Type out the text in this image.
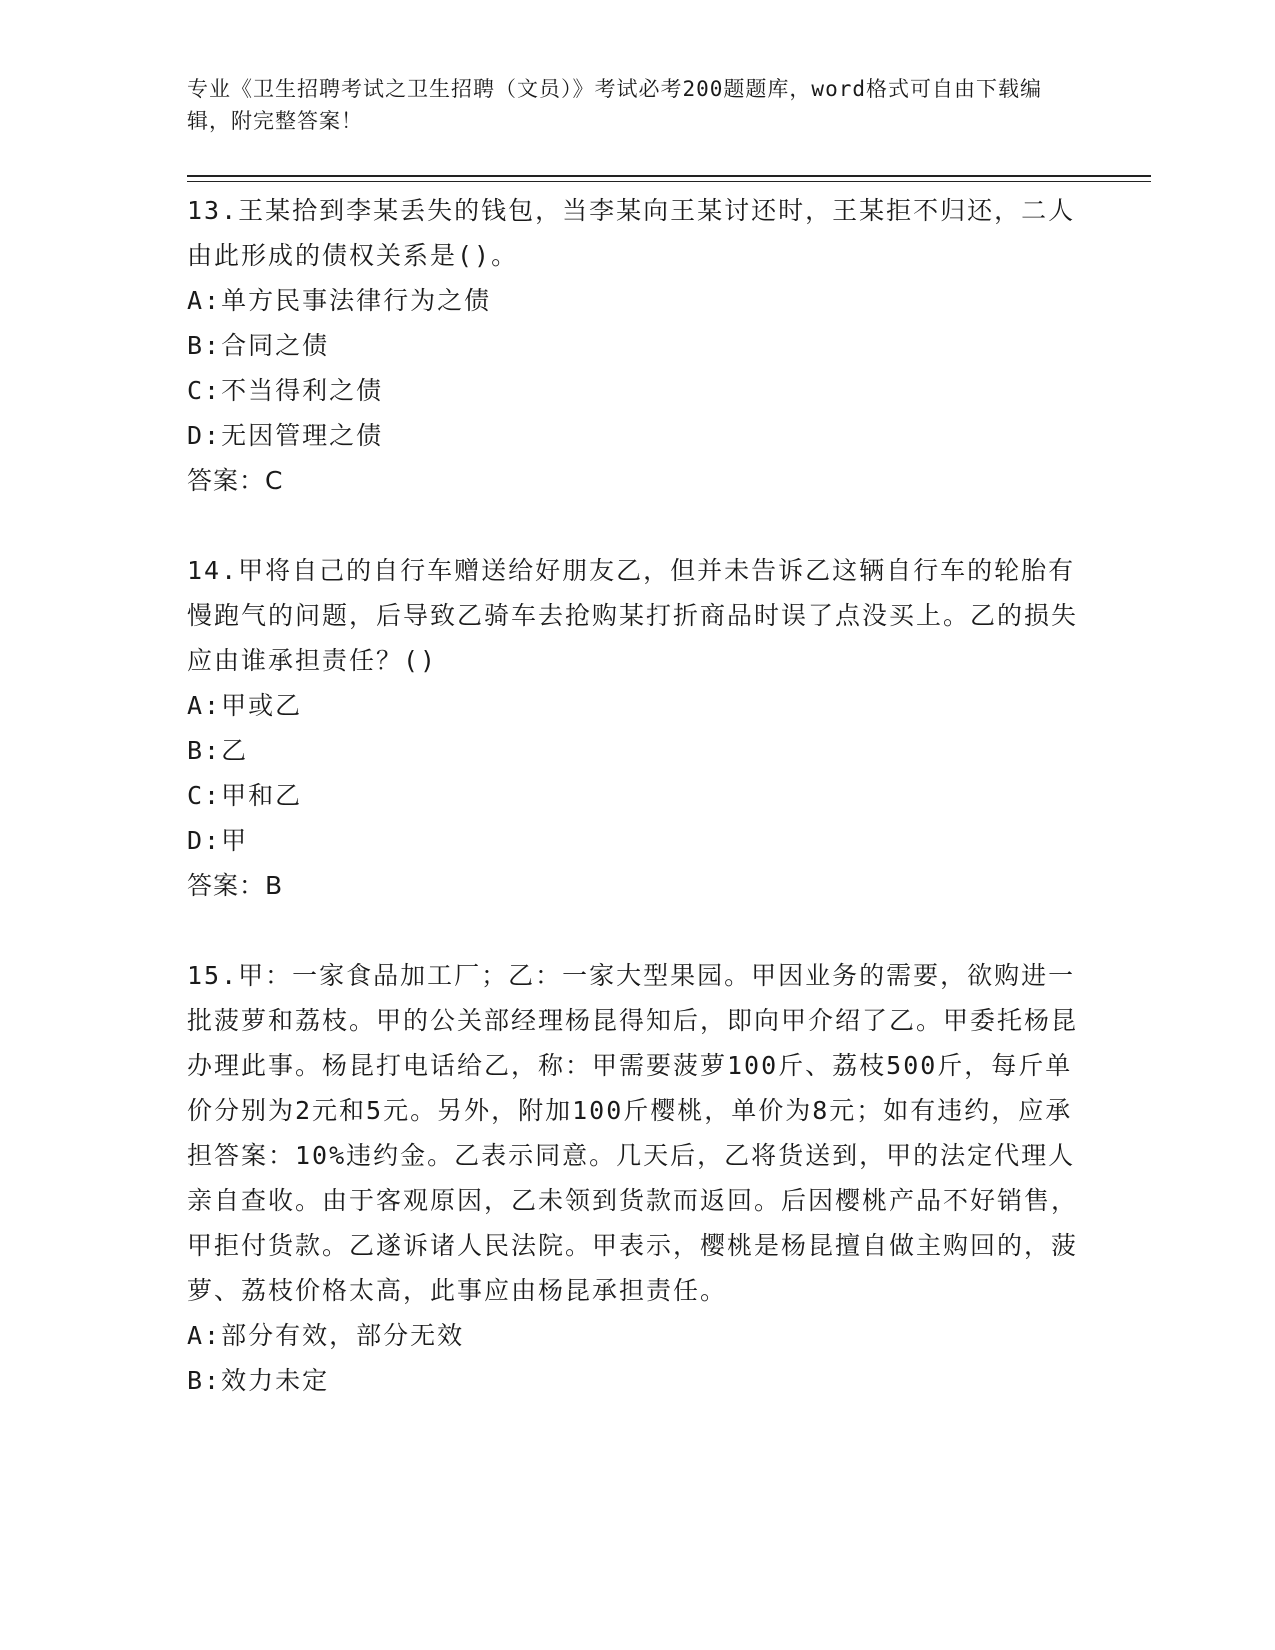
专业《卫生招聘考试之卫生招聘（文员）》考试必考200题题库，word格式可自由下载编辑，附完整答案！

13.王某拾到李某丢失的钱包，当李某向王某讨还时，王某拒不归还，二人由此形成的债权关系是()。

A:单方民事法律行为之债

B:合同之债

C:不当得利之债

D:无因管理之债

答案：C

14.甲将自己的自行车赠送给好朋友乙，但并未告诉乙这辆自行车的轮胎有慢跑气的问题，后导致乙骑车去抢购某打折商品时误了点没买上。乙的损失应由谁承担责任？()

A:甲或乙

B:乙

C:甲和乙

D:甲

答案：B

15.甲：一家食品加工厂；乙：一家大型果园。甲因业务的需要，欲购进一批菠萝和荔枝。甲的公关部经理杨昆得知后，即向甲介绍了乙。甲委托杨昆办理此事。杨昆打电话给乙，称：甲需要菠萝100斤、荔枝500斤，每斤单价分别为2元和5元。另外，附加100斤樱桃，单价为8元；如有违约，应承担答案：10%违约金。乙表示同意。几天后，乙将货送到，甲的法定代理人亲自查收。由于客观原因，乙未领到货款而返回。后因樱桃产品不好销售，甲拒付货款。乙遂诉诸人民法院。甲表示，樱桃是杨昆擅自做主购回的，菠萝、荔枝价格太高，此事应由杨昆承担责任。

A:部分有效，部分无效

B:效力未定
